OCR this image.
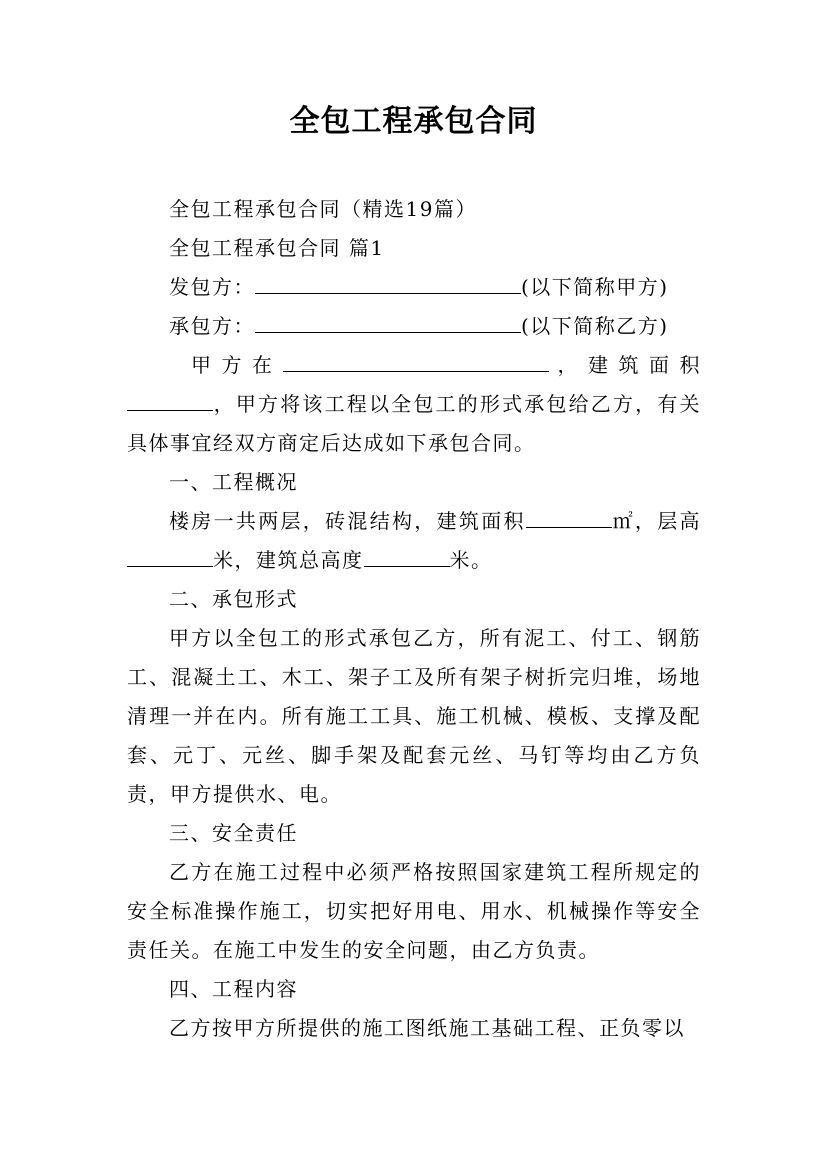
全包工程承包合同

全包工程承包合同（精选19篇）

全包工程承包合同 篇1

发包方：	(以下简称甲方)

承包方：	(以下简称乙方)

甲 方 在	， 建 筑 面 积

，甲方将该工程以全包工的形式承包给乙方，有关具体事宜经双方商定后达成如下承包合同。

一、工程概况

楼房一共两层，砖混结构，建筑面积	㎡，层高米，建筑总高度	米。

二、承包形式

甲方以全包工的形式承包乙方，所有泥工、付工、钢筋工、混凝土工、木工、架子工及所有架子树折完归堆，场地清理一并在内。所有施工工具、施工机械、模板、支撑及配套、元丁、元丝、脚手架及配套元丝、马钉等均由乙方负责，甲方提供水、电。

三、安全责任

乙方在施工过程中必须严格按照国家建筑工程所规定的安全标准操作施工，切实把好用电、用水、机械操作等安全责任关。在施工中发生的安全问题，由乙方负责。

四、工程内容

乙方按甲方所提供的施工图纸施工基础工程、正负零以
